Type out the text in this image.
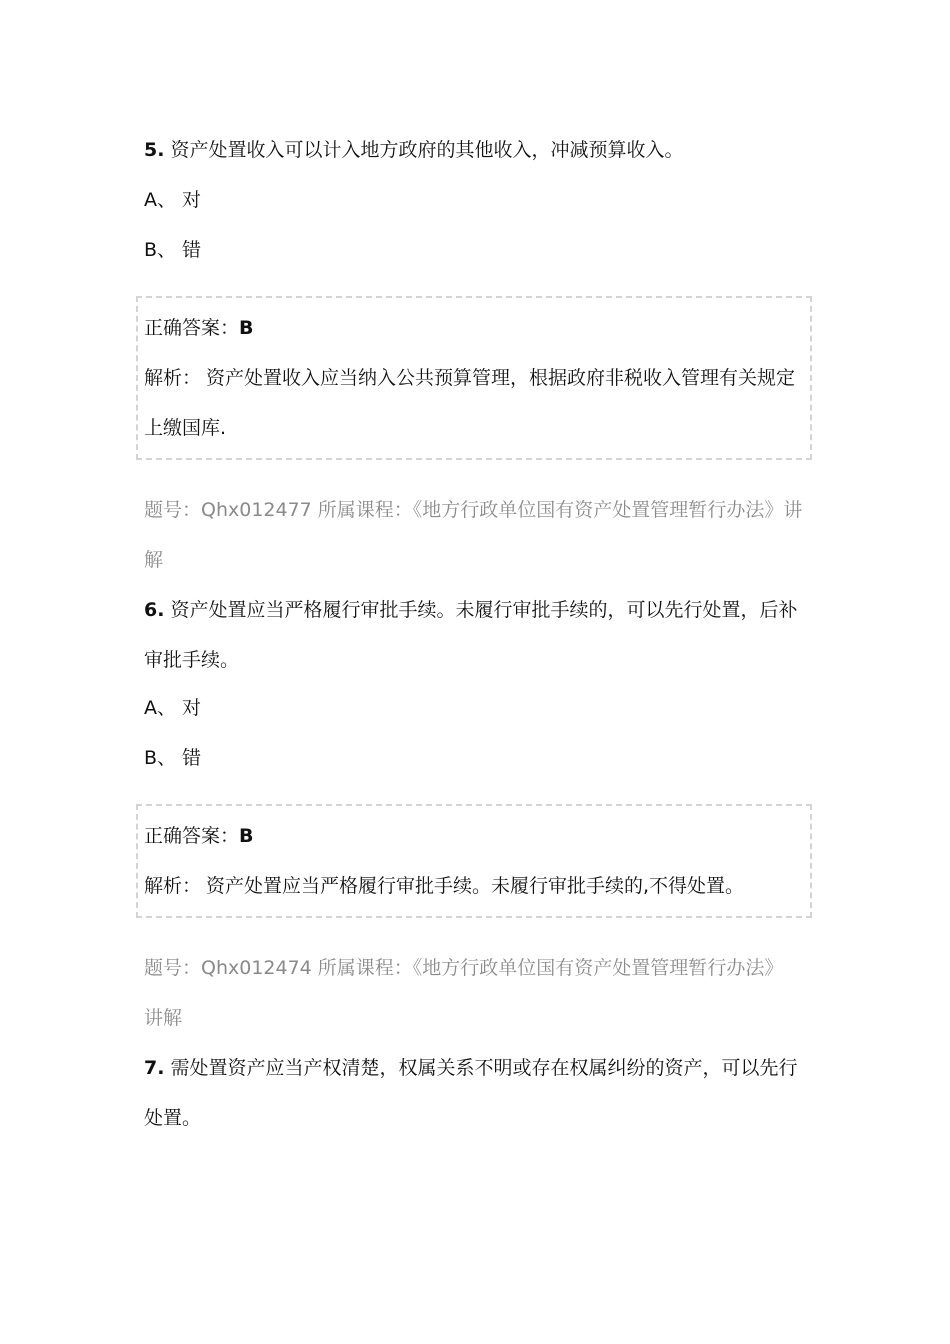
5. 资产处置收入可以计入地方政府的其他收入，冲减预算收入。
A、 对
B、 错
正确答案：B
解析： 资产处置收入应当纳入公共预算管理，根据政府非税收入管理有关规定
上缴国库.
题号：Qhx012477 所属课程：《地方行政单位国有资产处置管理暂行办法》讲
解
6. 资产处置应当严格履行审批手续。未履行审批手续的，可以先行处置，后补
审批手续。
A、 对
B、 错
正确答案：B
解析： 资产处置应当严格履行审批手续。未履行审批手续的,不得处置。
题号：Qhx012474 所属课程：《地方行政单位国有资产处置管理暂行办法》
讲解
7. 需处置资产应当产权清楚，权属关系不明或存在权属纠纷的资产，可以先行
处置。
